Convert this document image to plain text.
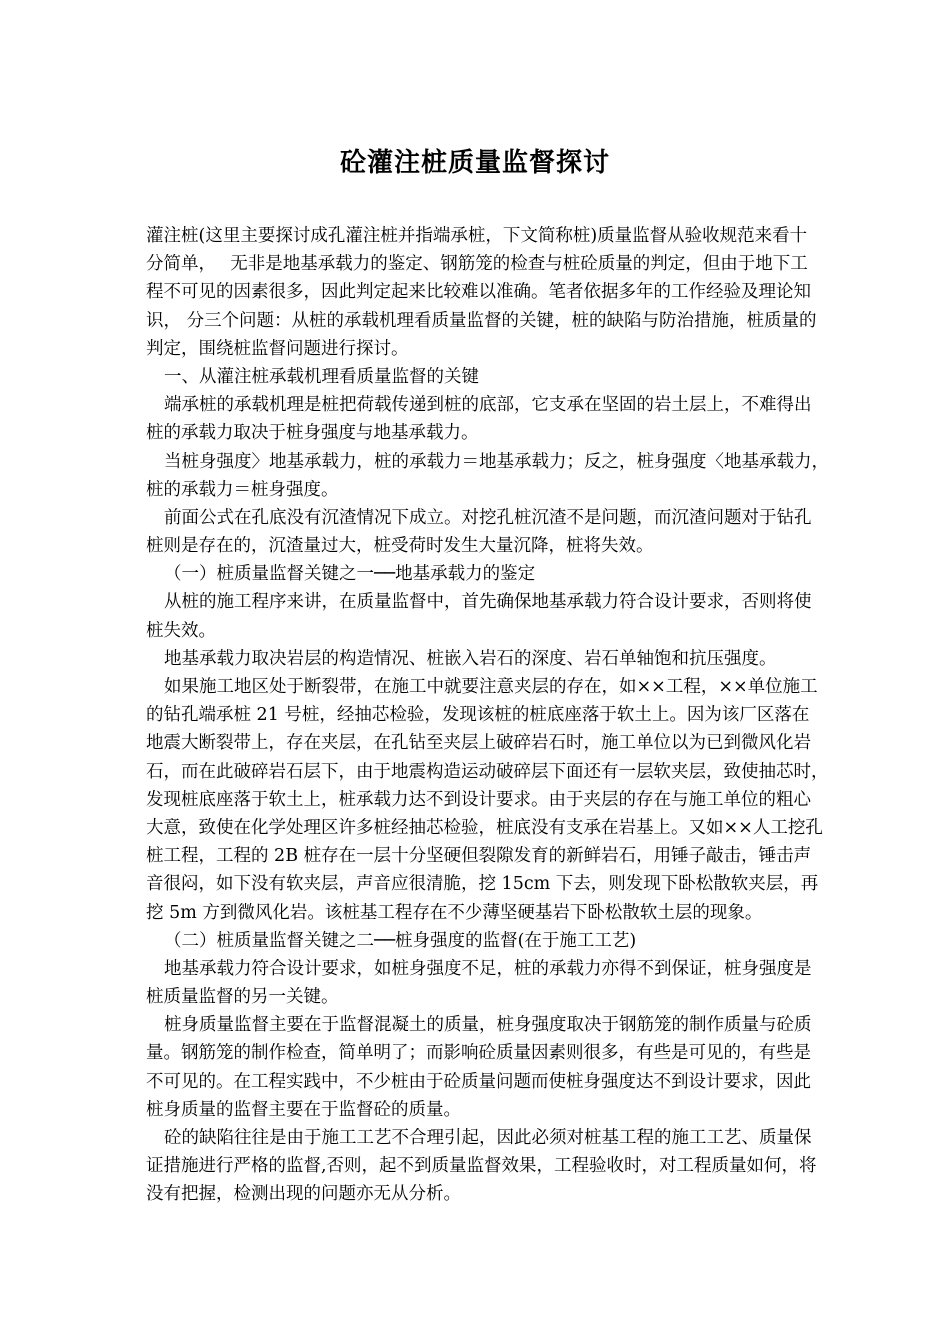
砼灌注桩质量监督探讨
灌注桩(这里主要探讨成孔灌注桩并指端承桩，下文简称桩)质量监督从验收规范来看十
分简单，　 无非是地基承载力的鉴定、钢筋笼的检查与桩砼质量的判定，但由于地下工
程不可见的因素很多，因此判定起来比较难以准确。笔者依据多年的工作经验及理论知
识， 分三个问题：从桩的承载机理看质量监督的关键，桩的缺陷与防治措施，桩质量的
判定，围绕桩监督问题进行探讨。
一、从灌注桩承载机理看质量监督的关键
端承桩的承载机理是桩把荷载传递到桩的底部，它支承在坚固的岩土层上，不难得出
桩的承载力取决于桩身强度与地基承载力。
当桩身强度〉地基承载力，桩的承载力＝地基承载力；反之，桩身强度〈地基承载力，
桩的承载力＝桩身强度。
前面公式在孔底没有沉渣情况下成立。对挖孔桩沉渣不是问题，而沉渣问题对于钻孔
桩则是存在的，沉渣量过大，桩受荷时发生大量沉降，桩将失效。
（一）桩质量监督关键之一──地基承载力的鉴定
从桩的施工程序来讲，在质量监督中，首先确保地基承载力符合设计要求，否则将使
桩失效。
地基承载力取决岩层的构造情况、桩嵌入岩石的深度、岩石单轴饱和抗压强度。
如果施工地区处于断裂带，在施工中就要注意夹层的存在，如××工程，××单位施工
的钻孔端承桩 21 号桩，经抽芯检验，发现该桩的桩底座落于软土上。因为该厂区落在
地震大断裂带上，存在夹层，在孔钻至夹层上破碎岩石时，施工单位以为已到微风化岩
石，而在此破碎岩石层下，由于地震构造运动破碎层下面还有一层软夹层，致使抽芯时，
发现桩底座落于软土上，桩承载力达不到设计要求。由于夹层的存在与施工单位的粗心
大意，致使在化学处理区许多桩经抽芯检验，桩底没有支承在岩基上。又如××人工挖孔
桩工程，工程的 2B 桩存在一层十分坚硬但裂隙发育的新鲜岩石，用锤子敲击，锤击声
音很闷，如下没有软夹层，声音应很清脆，挖 15cm 下去，则发现下卧松散软夹层，再
挖 5m 方到微风化岩。该桩基工程存在不少薄坚硬基岩下卧松散软土层的现象。
（二）桩质量监督关键之二──桩身强度的监督(在于施工工艺)
地基承载力符合设计要求，如桩身强度不足，桩的承载力亦得不到保证，桩身强度是
桩质量监督的另一关键。
桩身质量监督主要在于监督混凝土的质量，桩身强度取决于钢筋笼的制作质量与砼质
量。钢筋笼的制作检查，简单明了；而影响砼质量因素则很多，有些是可见的，有些是
不可见的。在工程实践中，不少桩由于砼质量问题而使桩身强度达不到设计要求，因此
桩身质量的监督主要在于监督砼的质量。
砼的缺陷往往是由于施工工艺不合理引起，因此必须对桩基工程的施工工艺、质量保
证措施进行严格的监督,否则，起不到质量监督效果，工程验收时，对工程质量如何，将
没有把握，检测出现的问题亦无从分析。
